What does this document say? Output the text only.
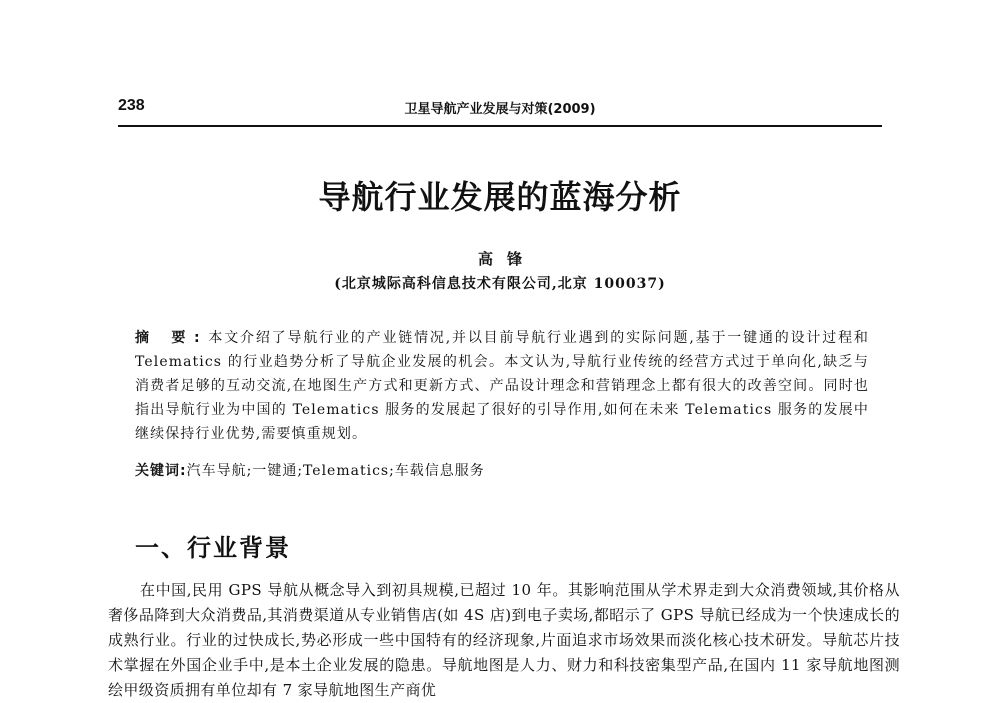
238	卫星导航产业发展与对策(2009)
导航行业发展的蓝海分析
高锋
(北京城际高科信息技术有限公司,北京 100037)
摘 要:本文介绍了导航行业的产业链情况,并以目前导航行业遇到的实际问题,基于一键通的设计过程和 Telematics 的行业趋势分析了导航企业发展的机会。本文认为,导航行业传统的经营方式过于单向化,缺乏与消费者足够的互动交流,在地图生产方式和更新方式、产品设计理念和营销理念上都有很大的改善空间。同时也指出导航行业为中国的 Telematics 服务的发展起了很好的引导作用,如何在未来 Telematics 服务的发展中继续保持行业优势,需要慎重规划。
关键词:汽车导航;一键通;Telematics;车载信息服务
一、行业背景

在中国,民用 GPS 导航从概念导入到初具规模,已超过 10 年。其影响范围从学术界走到大众消费领域,其价格从奢侈品降到大众消费品,其消费渠道从专业销售店(如 4S 店)到电子卖场,都昭示了 GPS 导航已经成为一个快速成长的成熟行业。行业的过快成长,势必形成一些中国特有的经济现象,片面追求市场效果而淡化核心技术研发。导航芯片技术掌握在外国企业手中,是本土企业发展的隐患。导航地图是人力、财力和科技密集型产品,在国内 11 家导航地图测绘甲级资质拥有单位却有 7 家导航地图生产商优
